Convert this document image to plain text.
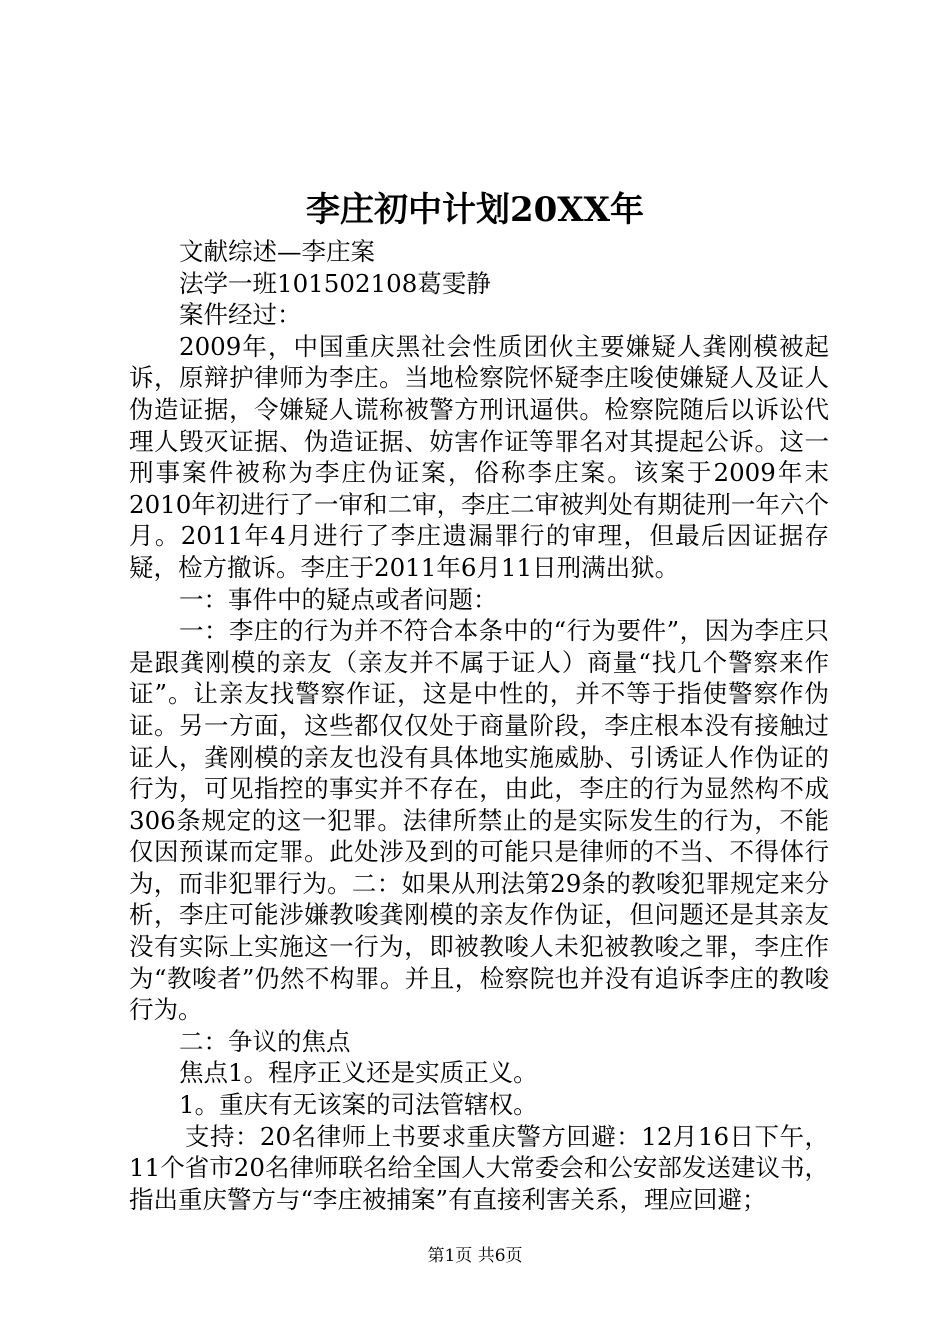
李庄初中计划20XX年

文献综述—李庄案

法学一班101502108葛雯静

案件经过：

2009年，中国重庆黑社会性质团伙主要嫌疑人龚刚模被起诉，原辩护律师为李庄。当地检察院怀疑李庄唆使嫌疑人及证人伪造证据，令嫌疑人谎称被警方刑讯逼供。检察院随后以诉讼代理人毁灭证据、伪造证据、妨害作证等罪名对其提起公诉。这一刑事案件被称为李庄伪证案，俗称李庄案。该案于2009年末2010年初进行了一审和二审，李庄二审被判处有期徒刑一年六个月。2011年4月进行了李庄遗漏罪行的审理，但最后因证据存疑，检方撤诉。李庄于2011年6月11日刑满出狱。

一：事件中的疑点或者问题：

一：李庄的行为并不符合本条中的“行为要件”，因为李庄只是跟龚刚模的亲友（亲友并不属于证人）商量“找几个警察来作证”。让亲友找警察作证，这是中性的，并不等于指使警察作伪证。另一方面，这些都仅仅处于商量阶段，李庄根本没有接触过证人，龚刚模的亲友也没有具体地实施威胁、引诱证人作伪证的行为，可见指控的事实并不存在，由此，李庄的行为显然构不成306条规定的这一犯罪。法律所禁止的是实际发生的行为，不能仅因预谋而定罪。此处涉及到的可能只是律师的不当、不得体行为，而非犯罪行为。二：如果从刑法第29条的教唆犯罪规定来分析，李庄可能涉嫌教唆龚刚模的亲友作伪证，但问题还是其亲友没有实际上实施这一行为，即被教唆人未犯被教唆之罪，李庄作为“教唆者”仍然不构罪。并且，检察院也并没有追诉李庄的教唆行为。

二：争议的焦点

焦点1。程序正义还是实质正义。

1。重庆有无该案的司法管辖权。

支持：20名律师上书要求重庆警方回避：12月16日下午，11个省市20名律师联名给全国人大常委会和公安部发送建议书，指出重庆警方与“李庄被捕案”有直接利害关系，理应回避；

第1页 共6页
